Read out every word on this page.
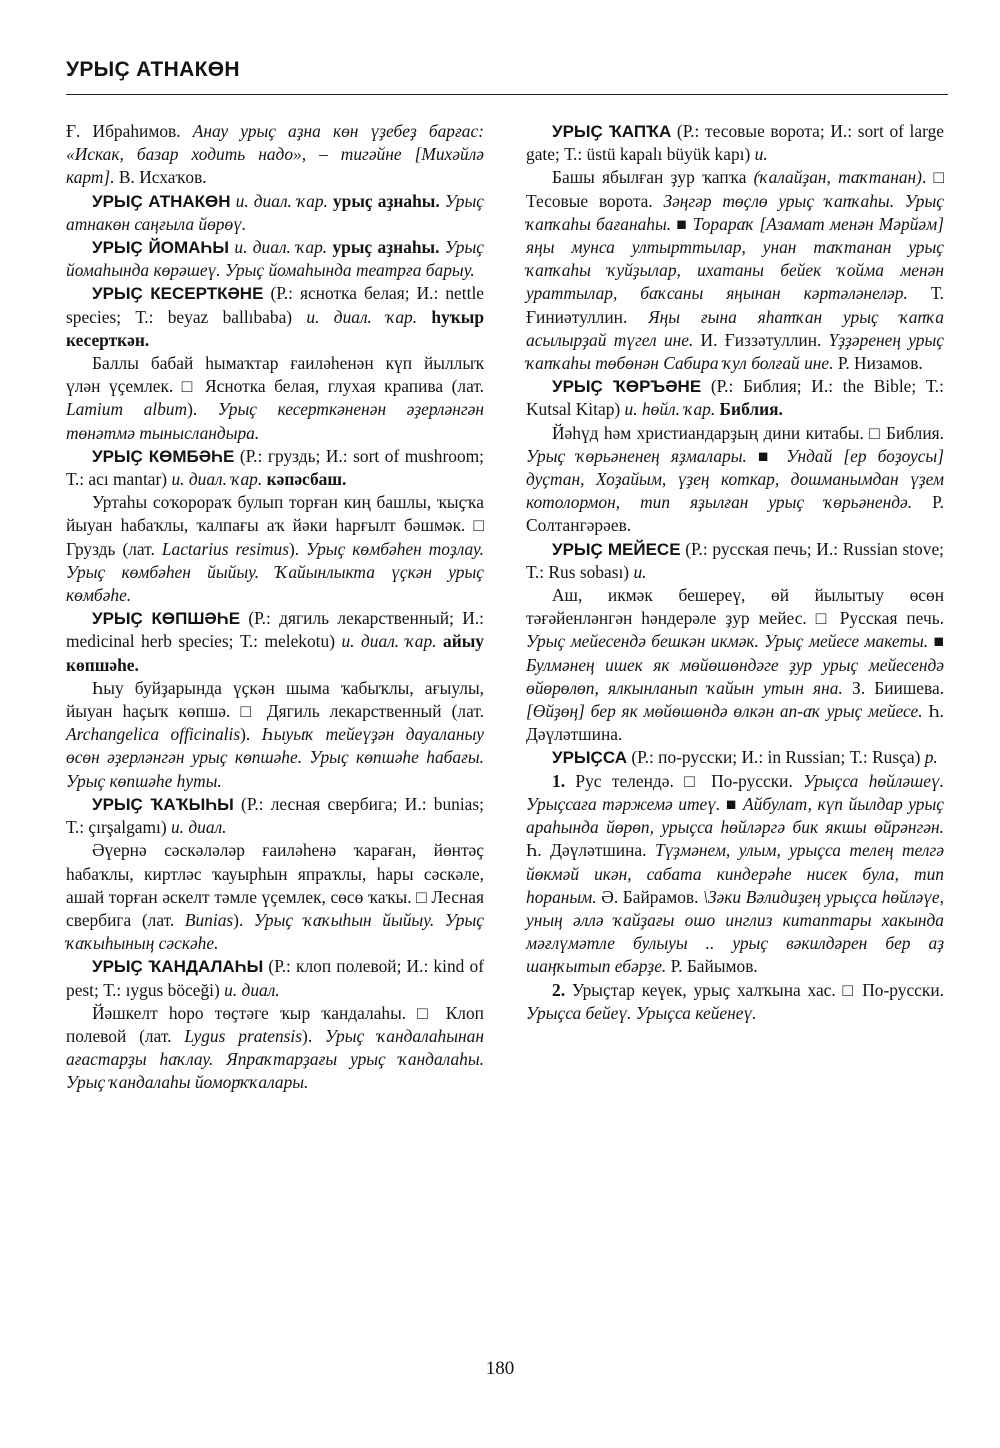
УРЫҪ АТНАКӨН

Ғ. Ибраһимов. Анау урыҫ аҙна көн үҙебеҙ барғас: «Искак, базар ходить надо», – тигәйне [Михәйлә карт]. В. Исхаҡов.

УРЫҪ АТНАКӨН и. диал. ҡар. урыҫ аҙнаһы. Урыҫ атнакөн саңғыла йөрөү.

УРЫҪ ЙОМАҺЫ и. диал. ҡар. урыҫ аҙнаһы. Урыҫ йомаһында көрәшеү. Урыҫ йомаһында театрға барыу.

УРЫҪ КЕСЕРТКӘНЕ (Р.: яснотка белая; И.: nettle species; Т.: beyaz ballıbaba) и. диал. ҡар. һуҡыр кесерткән.

Баллы бабай һымаҡтар ғаиләһенән күп йыллыҡ үлән үҫемлек. □ Яснотка белая, глухая крапива (лат. Lamium album). Урыҫ кесерткәненән әҙерләнгән төнәтмә тынысландыра.

УРЫҪ КӨМБӘҺЕ (Р.: груздь; И.: sort of mushroom; Т.: acı mantar) и. диал. ҡар. кәпәсбаш.

Уртаһы соҡорораҡ булып торған киң башлы, ҡыҫҡа йыуан һабаҡлы, ҡалпағы аҡ йәки һарғылт бәшмәк. □ Груздь (лат. Lactarius resimus). Урыҫ көмбәһен тоҙлау. Урыҫ көмбәһен йыйыу. Ҡайынлыкта үҫкән урыҫ көмбәһе.

УРЫҪ КӨПШӘҺЕ (Р.: дягиль лекарственный; И.: medicinal herb species; Т.: melekotu) и. диал. ҡар. айыу көпшәһе.

Һыу буйҙарында үҫкән шыма ҡабыҡлы, ағыулы, йыуан һаҫыҡ көпшә. □ Дягиль лекарственный (лат. Archangelica officinalis). Һыуыҡ тейеүҙән дауаланыу өсөн әҙерләнгән урыҫ көпшәһе. Урыҫ көпшәһе һабағы. Урыҫ көпшәһе һуты.

УРЫҪ ҠАҠЫҺЫ (Р.: лесная свербига; И.: bunias; Т.: çırşalgamı) и. диал.

Әүернә сәскәләләр ғаиләһенә ҡараған, йөнтәҫ һабаҡлы, киртләс ҡауырһын япраҡлы, һары сәскәле, ашай торған әскелт тәмле үҫемлек, сөсө ҡаҡы. □ Лесная свербига (лат. Bunias). Урыҫ ҡаҡыһын йыйыу. Урыҫ ҡаҡыһының сәскәһе.

УРЫҪ ҠАНДАЛАҺЫ (Р.: клоп полевой; И.: kind of pest; Т.: ıygus böceği) и. диал.

Йәшкелт һоро төҫтәге ҡыр ҡандалаһы. □ Клоп полевой (лат. Lygus pratensis). Урыҫ ҡандалаһынан ағастарҙы һаҡлау. Япраҡтарҙағы урыҫ ҡандалаһы. Урыҫ ҡандалаһы йоморҡҡалары.

УРЫҪ ҠАПҠА (Р.: тесовые ворота; И.: sort of large gate; Т.: üstü kapalı büyük kapı) и.

Башы ябылған ҙур ҡапҡа (ҡалайҙан, таҡтанан). □ Тесовые ворота. Зәңгәр төҫлө урыҫ ҡапҡаһы. Урыҫ ҡапҡаһы бағанаһы. ■ Торараҡ [Азамат менән Мәрйәм] яңы мунса ултырттылар, унан таҡтанан урыҫ ҡапҡаһы ҡуйҙылар, ихатаны бейек ҡойма менән ураттылар, баҡсаны яңынан кәртәләнеләр. Т. Ғиниәтуллин. Яңы ғына яһатҡан урыҫ ҡапҡа асылырҙай түгел ине. И. Ғиззәтуллин. Үҙҙәренең урыҫ ҡапҡаһы төбөнән Сабира ҡул болғай ине. Р. Низамов.

УРЫҪ ҠӨРЪӘНЕ (Р.: Библия; И.: the Bible; Т.: Kutsal Kitap) и. һөйл. ҡар. Библия.

Йәһүд һәм христиандарҙың дини китабы. □ Библия. Урыҫ ҡөрьәненең яҙмалары. ■ Ундай [ер боҙоусы] дуҫтан, Хоҙайым, үҙең коткар, дошманымдан үҙем котолормон, тип яҙылған урыҫ ҡөрьәнендә. Р. Солтангәрәев.

УРЫҪ МЕЙЕСЕ (Р.: русская печь; И.: Russian stove; Т.: Rus sobası) и.

Аш, икмәк бешереү, өй йылытыу өсөн тәғәйенләнгән һәндерәле ҙур мейес. □ Русская печь. Урыҫ мейесендә бешкән икмәк. Урыҫ мейесе макеты. ■ Булмәнең ишек як мөйөшөндәге ҙур урыҫ мейесендә өйөрөлөп, ялкынланып ҡайын утын яна. З. Биишева. [Өйҙөң] бер як мөйөшөндә өлкән ап-аҡ урыҫ мейесе. Һ. Дәүләтшина.

УРЫҪСА (Р.: по-русски; И.: in Russian; Т.: Rusça) р.

1. Рус телендә. □ По-русски. Урыҫса һөйләшеү. Урыҫсаға тәржемә итеү. ■ Айбулат, күп йылдар урыҫ араһында йөрөп, урыҫса һөйләргә бик якшы өйрәнгән. Һ. Дәүләтшина. Түҙмәнем, улым, урыҫса телең телгә йөкмәй икән, сабата киндерәһе нисек була, тип һораным. Ә. Байрамов. \Зәки Вәлидиҙең урыҫса һөйләүе, уның әллә ҡайҙағы ошо инглиз китаптары хакында мәғлүмәтле булыуы .. урыҫ вәкилдәрен бер аҙ шаңҡытып ебәрҙе. Р. Байымов.

2. Урыҫтар кеүек, урыҫ халҡына хас. □ По-русски. Урыҫса бейеү. Урыҫса кейенеү.

180
